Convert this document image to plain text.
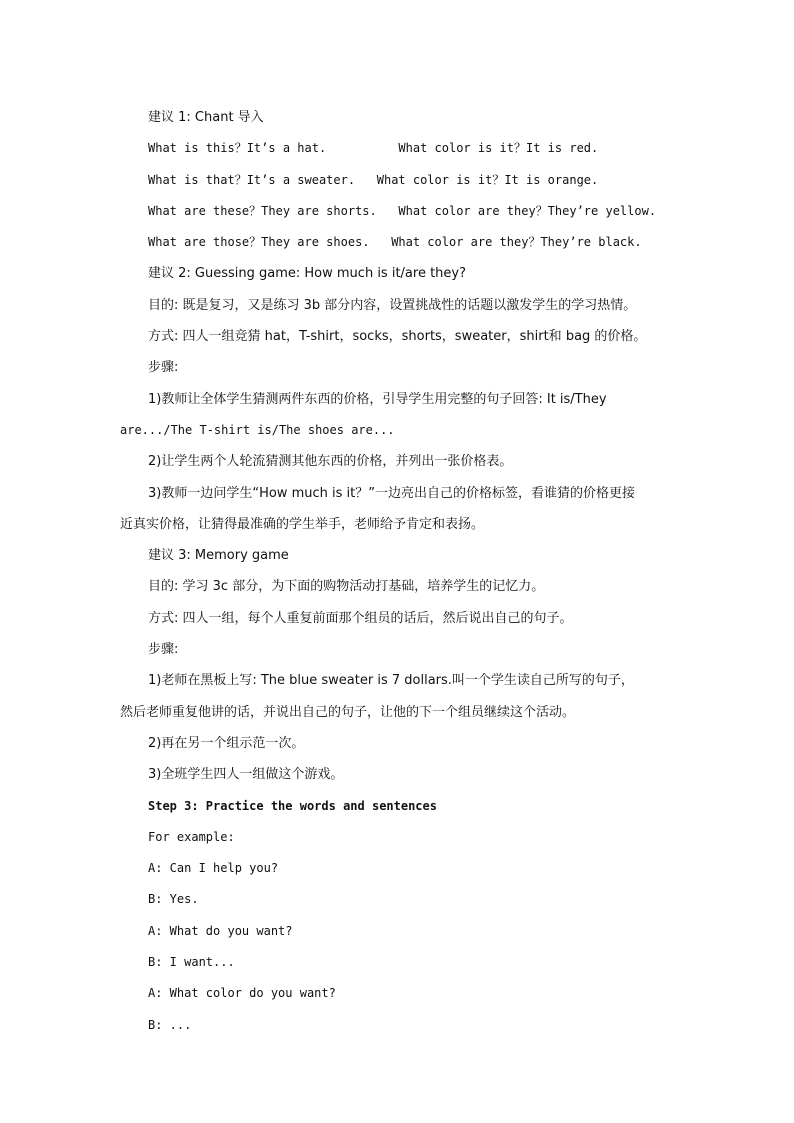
建议 1: Chant 导入
What is this？It’s a hat.          What color is it？It is red.
What is that？It’s a sweater.   What color is it？It is orange.
What are these？They are shorts.   What color are they？They’re yellow.
What are those？They are shoes.   What color are they？They’re black.
建议 2: Guessing game: How much is it/are they?
目的: 既是复习，又是练习 3b 部分内容，设置挑战性的话题以激发学生的学习热情。
方式: 四人一组竞猜 hat，T-shirt，socks，shorts，sweater，shirt和 bag 的价格。
步骤:
1)教师让全体学生猜测两件东西的价格，引导学生用完整的句子回答: It is/They
are.../The T-shirt is/The shoes are...
2)让学生两个人轮流猜测其他东西的价格，并列出一张价格表。
3)教师一边问学生“How much is it？”一边亮出自己的价格标签，看谁猜的价格更接
近真实价格，让猜得最准确的学生举手，老师给予肯定和表扬。
建议 3: Memory game
目的: 学习 3c 部分，为下面的购物活动打基础，培养学生的记忆力。
方式: 四人一组，每个人重复前面那个组员的话后，然后说出自己的句子。
步骤:
1)老师在黑板上写: The blue sweater is 7 dollars.叫一个学生读自己所写的句子，
然后老师重复他讲的话，并说出自己的句子，让他的下一个组员继续这个活动。
2)再在另一个组示范一次。
3)全班学生四人一组做这个游戏。
Step 3: Practice the words and sentences
For example:
A: Can I help you?
B: Yes.
A: What do you want?
B: I want...
A: What color do you want?
B: ...
